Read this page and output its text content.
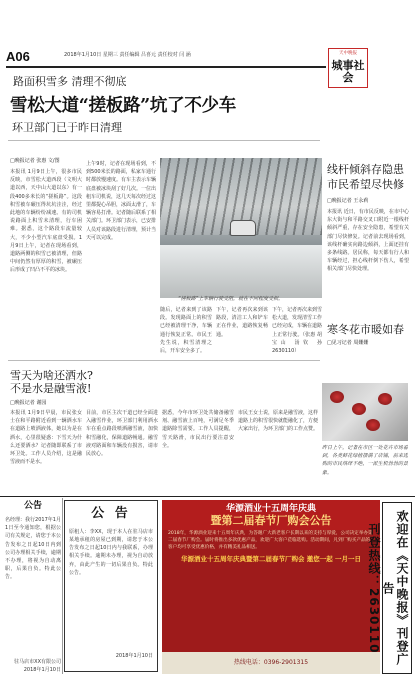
A06	2018年1月10日 星期三 责任编辑 吕喜元 责任校对 闫 涵	天中晚报
城事社会
路面积雪多 清理不彻底
雪松大道“搓板路”坑了不少车
环卫部门已于昨日清理
□晚报记者 张惠 文/图
本报讯 1月9日上午，很多市民反映，市雪松大道西段（文明大道以西，天中山大道以东）有一段400多米长的“搓板路”。这段积雪被车碾压得坑坑洼洼，经过此地的车辆纷纷减速。有的司机说路面上积雪未清理，行车困难。据悉，这个路段车流量较大，不少小型汽车底盘受损。1月9日上午，记者在现场看到，道路两侧的积雪已被清理，但路中间仍然有厚厚的积雪，被碾压后形成了凹凸不平的冰块。
上午9时，记者在现场看到，不到500米长的路面，私家车通行时都放慢速度。有车主表示车辆底盘被冰块刮了好几次。一位出租车司机说，这几天每次经过这里都提心吊胆，冰面太滑了，车辆容易打滑。记者随后联系了相关部门。环卫部门表示，已安排人员对该路段进行清理，预计当天可以完成。
“搓板路”上车辆行驶受阻，就在不同程度受损。
随后，记者来到了该路段。发现路面上的积雪已经被清理干净，车辆通行恢复正常。市民王先生说，积雪清理之后，开车安全多了。
下午，记者再次来到该路段，清洁工人和铲车正在作业，道路恢复畅通。
下午，记者再次来到雪松大道，发现清雪工作已经完成，车辆在道路上正常行驶。（张惠 胡宝山 汤钦 孙 2630110）
线杆倾斜存隐患
市民希望尽快修
□晚报记者 王永莉
本报讯 近日，有市民反映，在市中心东大街与和平路交叉口附近一根线杆倾斜严重，存在安全隐患，希望有关部门尽快修复。记者前去现场看到，该线杆确实向路边倾斜，上面还挂有多条线路。居民称，每天都有行人和车辆经过，担心线杆倒下伤人，希望相关部门尽快处理。
寒冬花市暖如春
□见习记者 周姗姗
雪天为啥还洒水?
不是水是融雪液!
□晚报记者 谢园
本报讯 1月9日早晨，市民张女士在和平路附近看到一辆洒水车在道路上喷洒液体，她以为是在洒水，心里很疑惑：下雪天为什么还要洒水？记者随即联系了市环卫处。工作人员介绍，这是融雪液而不是水。
目前，市区主次干道已经全面进入融雪作业，环卫部门利用洒水车在重点路段喷洒融雪液，加快积雪融化，保障道路畅通。融雪液对路面和车辆没有损害，请市民放心。
据悉，今年市环卫处共储备融雪剂、融雪液上百吨，可满足冬季道路除雪需要。工作人员提醒，雪天路滑，市民出行要注意安全。
市民王女士说，原来是融雪液，这样道路上的积雪很快就能融化了，方便大家出行，为环卫部门的工作点赞。
昨日上午，记者在市区一处花卉市场看到，各类鲜花绿植摆满了店铺，前来选购的市民络绎不绝，一派生机勃勃的景象。
公告
名经理：我行2017年1月1日至今通知您，根据公司有关规定，请您于本公告发布之日起10日内到公司办理相关手续，逾期不办理，将视为自动离职，后果自负。特此公告。
驻马店市XX有限公司 2018年1月10日
公 告
原租人：李XX，现于本人在驻马店市某地承租的房屋已到期，请您于本公告发布之日起10日内与我联系，办理相关手续。逾期未办理，视为自动放弃，由此产生的一切后果自负。特此公告。
2018年1月10日
华源酒业十五周年庆典
暨第二届春节厂购会公告

2018年，华源酒业迎来十五周年庆典，为答谢广大新老客户长期以来的支持与厚爱，公司决定举办第二届春节厂购会。届时将推出多款优惠产品，欢迎广大客户莅临选购。活动期间，凡到厂购买产品的客户均可享受优惠价格，并有精美礼品相送。

华源酒业十五周年庆典暨第二届春节厂购会 邀您一起 一月一日
热线电话：0396-2901315	欢迎在《天中晚报》刊登广告
刊登热线：2630110
